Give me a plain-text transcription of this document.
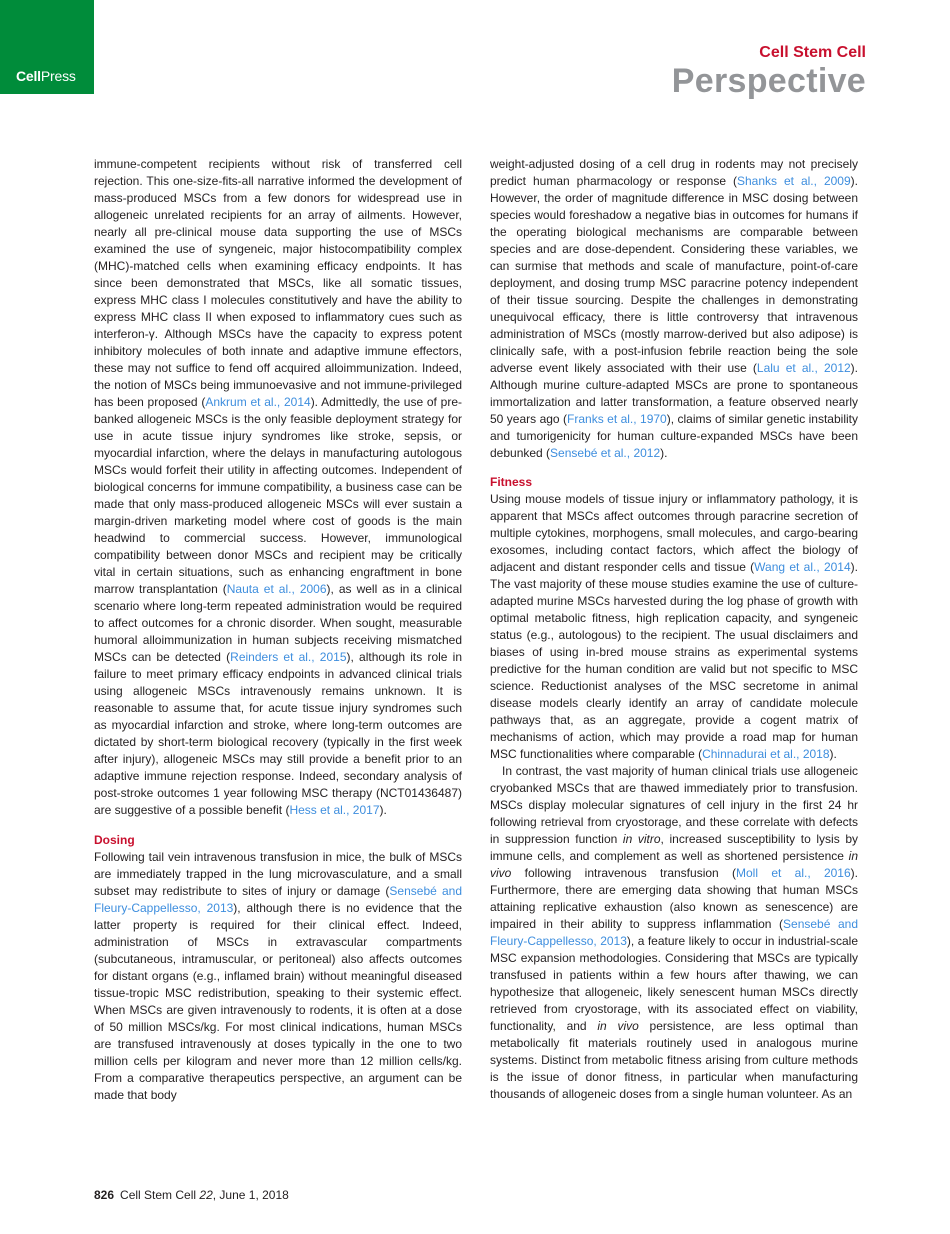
CellPress
Cell Stem Cell
Perspective

immune-competent recipients without risk of transferred cell rejection. This one-size-fits-all narrative informed the development of mass-produced MSCs from a few donors for widespread use in allogeneic unrelated recipients for an array of ailments. However, nearly all pre-clinical mouse data supporting the use of MSCs examined the use of syngeneic, major histocompatibility complex (MHC)-matched cells when examining efficacy endpoints. It has since been demonstrated that MSCs, like all somatic tissues, express MHC class I molecules constitutively and have the ability to express MHC class II when exposed to inflammatory cues such as interferon-γ. Although MSCs have the capacity to express potent inhibitory molecules of both innate and adaptive immune effectors, these may not suffice to fend off acquired alloimmunization. Indeed, the notion of MSCs being immunoevasive and not immune-privileged has been proposed (Ankrum et al., 2014). Admittedly, the use of pre-banked allogeneic MSCs is the only feasible deployment strategy for use in acute tissue injury syndromes like stroke, sepsis, or myocardial infarction, where the delays in manufacturing autologous MSCs would forfeit their utility in affecting outcomes. Independent of biological concerns for immune compatibility, a business case can be made that only mass-produced allogeneic MSCs will ever sustain a margin-driven marketing model where cost of goods is the main headwind to commercial success. However, immunological compatibility between donor MSCs and recipient may be critically vital in certain situations, such as enhancing engraftment in bone marrow transplantation (Nauta et al., 2006), as well as in a clinical scenario where long-term repeated administration would be required to affect outcomes for a chronic disorder. When sought, measurable humoral alloimmunization in human subjects receiving mismatched MSCs can be detected (Reinders et al., 2015), although its role in failure to meet primary efficacy endpoints in advanced clinical trials using allogeneic MSCs intravenously remains unknown. It is reasonable to assume that, for acute tissue injury syndromes such as myocardial infarction and stroke, where long-term outcomes are dictated by short-term biological recovery (typically in the first week after injury), allogeneic MSCs may still provide a benefit prior to an adaptive immune rejection response. Indeed, secondary analysis of post-stroke outcomes 1 year following MSC therapy (NCT01436487) are suggestive of a possible benefit (Hess et al., 2017).

Dosing

Following tail vein intravenous transfusion in mice, the bulk of MSCs are immediately trapped in the lung microvasculature, and a small subset may redistribute to sites of injury or damage (Sensebé and Fleury-Cappellesso, 2013), although there is no evidence that the latter property is required for their clinical effect. Indeed, administration of MSCs in extravascular compartments (subcutaneous, intramuscular, or peritoneal) also affects outcomes for distant organs (e.g., inflamed brain) without meaningful diseased tissue-tropic MSC redistribution, speaking to their systemic effect. When MSCs are given intravenously to rodents, it is often at a dose of 50 million MSCs/kg. For most clinical indications, human MSCs are transfused intravenously at doses typically in the one to two million cells per kilogram and never more than 12 million cells/kg. From a comparative therapeutics perspective, an argument can be made that body

weight-adjusted dosing of a cell drug in rodents may not precisely predict human pharmacology or response (Shanks et al., 2009). However, the order of magnitude difference in MSC dosing between species would foreshadow a negative bias in outcomes for humans if the operating biological mechanisms are comparable between species and are dose-dependent. Considering these variables, we can surmise that methods and scale of manufacture, point-of-care deployment, and dosing trump MSC paracrine potency independent of their tissue sourcing. Despite the challenges in demonstrating unequivocal efficacy, there is little controversy that intravenous administration of MSCs (mostly marrow-derived but also adipose) is clinically safe, with a post-infusion febrile reaction being the sole adverse event likely associated with their use (Lalu et al., 2012). Although murine culture-adapted MSCs are prone to spontaneous immortalization and latter transformation, a feature observed nearly 50 years ago (Franks et al., 1970), claims of similar genetic instability and tumorigenicity for human culture-expanded MSCs have been debunked (Sensebé et al., 2012).

Fitness

Using mouse models of tissue injury or inflammatory pathology, it is apparent that MSCs affect outcomes through paracrine secretion of multiple cytokines, morphogens, small molecules, and cargo-bearing exosomes, including contact factors, which affect the biology of adjacent and distant responder cells and tissue (Wang et al., 2014). The vast majority of these mouse studies examine the use of culture-adapted murine MSCs harvested during the log phase of growth with optimal metabolic fitness, high replication capacity, and syngeneic status (e.g., autologous) to the recipient. The usual disclaimers and biases of using in-bred mouse strains as experimental systems predictive for the human condition are valid but not specific to MSC science. Reductionist analyses of the MSC secretome in animal disease models clearly identify an array of candidate molecule pathways that, as an aggregate, provide a cogent matrix of mechanisms of action, which may provide a road map for human MSC functionalities where comparable (Chinnadurai et al., 2018).

In contrast, the vast majority of human clinical trials use allogeneic cryobanked MSCs that are thawed immediately prior to transfusion. MSCs display molecular signatures of cell injury in the first 24 hr following retrieval from cryostorage, and these correlate with defects in suppression function in vitro, increased susceptibility to lysis by immune cells, and complement as well as shortened persistence in vivo following intravenous transfusion (Moll et al., 2016). Furthermore, there are emerging data showing that human MSCs attaining replicative exhaustion (also known as senescence) are impaired in their ability to suppress inflammation (Sensebé and Fleury-Cappellesso, 2013), a feature likely to occur in industrial-scale MSC expansion methodologies. Considering that MSCs are typically transfused in patients within a few hours after thawing, we can hypothesize that allogeneic, likely senescent human MSCs directly retrieved from cryostorage, with its associated effect on viability, functionality, and in vivo persistence, are less optimal than metabolically fit materials routinely used in analogous murine systems. Distinct from metabolic fitness arising from culture methods is the issue of donor fitness, in particular when manufacturing thousands of allogeneic doses from a single human volunteer. As an

826 Cell Stem Cell 22, June 1, 2018
